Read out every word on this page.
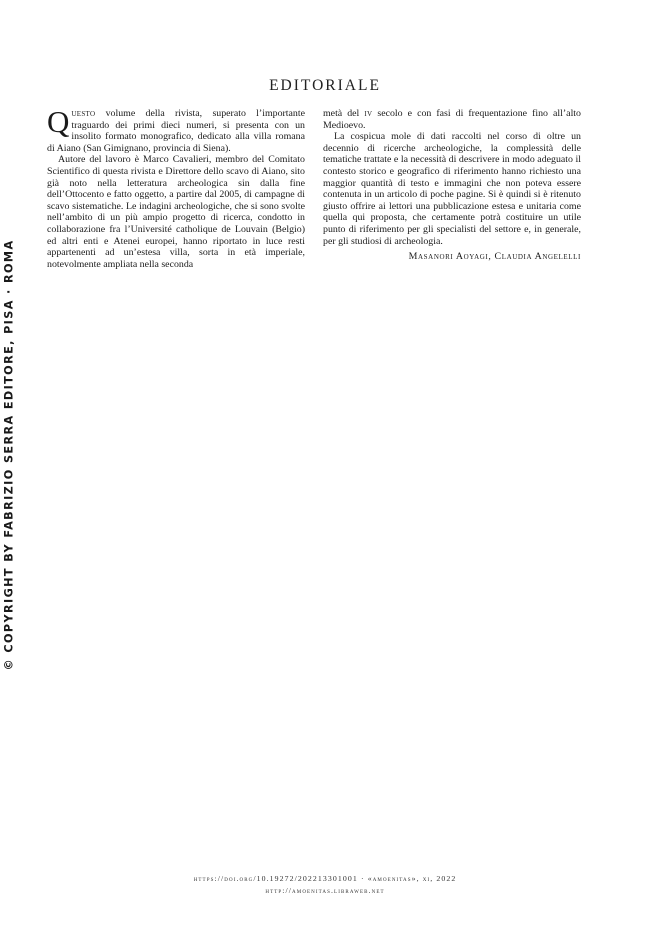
© COPYRIGHT BY FABRIZIO SERRA EDITORE, PISA · ROMA
EDITORIALE

Questo volume della rivista, superato l’importante traguardo dei primi dieci numeri, si presenta con un insolito formato monografico, dedicato alla villa romana di Aiano (San Gimignano, provincia di Siena).

Autore del lavoro è Marco Cavalieri, membro del Comitato Scientifico di questa rivista e Direttore dello scavo di Aiano, sito già noto nella letteratura archeologica sin dalla fine dell’Ottocento e fatto oggetto, a partire dal 2005, di campagne di scavo sistematiche. Le indagini archeologiche, che si sono svolte nell’ambito di un più ampio progetto di ricerca, condotto in collaborazione fra l’Université catholique de Louvain (Belgio) ed altri enti e Atenei europei, hanno riportato in luce resti appartenenti ad un’estesa villa, sorta in età imperiale, notevolmente ampliata nella seconda

metà del iv secolo e con fasi di frequentazione fino all’alto Medioevo.

La cospicua mole di dati raccolti nel corso di oltre un decennio di ricerche archeologiche, la complessità delle tematiche trattate e la necessità di descrivere in modo adeguato il contesto storico e geografico di riferimento hanno richiesto una maggior quantità di testo e immagini che non poteva essere contenuta in un articolo di poche pagine. Si è quindi si è ritenuto giusto offrire ai lettori una pubblicazione estesa e unitaria come quella qui proposta, che certamente potrà costituire un utile punto di riferimento per gli specialisti del settore e, in generale, per gli studiosi di archeologia.

Masanori Aoyagi, Claudia Angelelli
https://doi.org/10.19272/202213301001 · «amoenitas», xi, 2022
http://amoenitas.libraweb.net
